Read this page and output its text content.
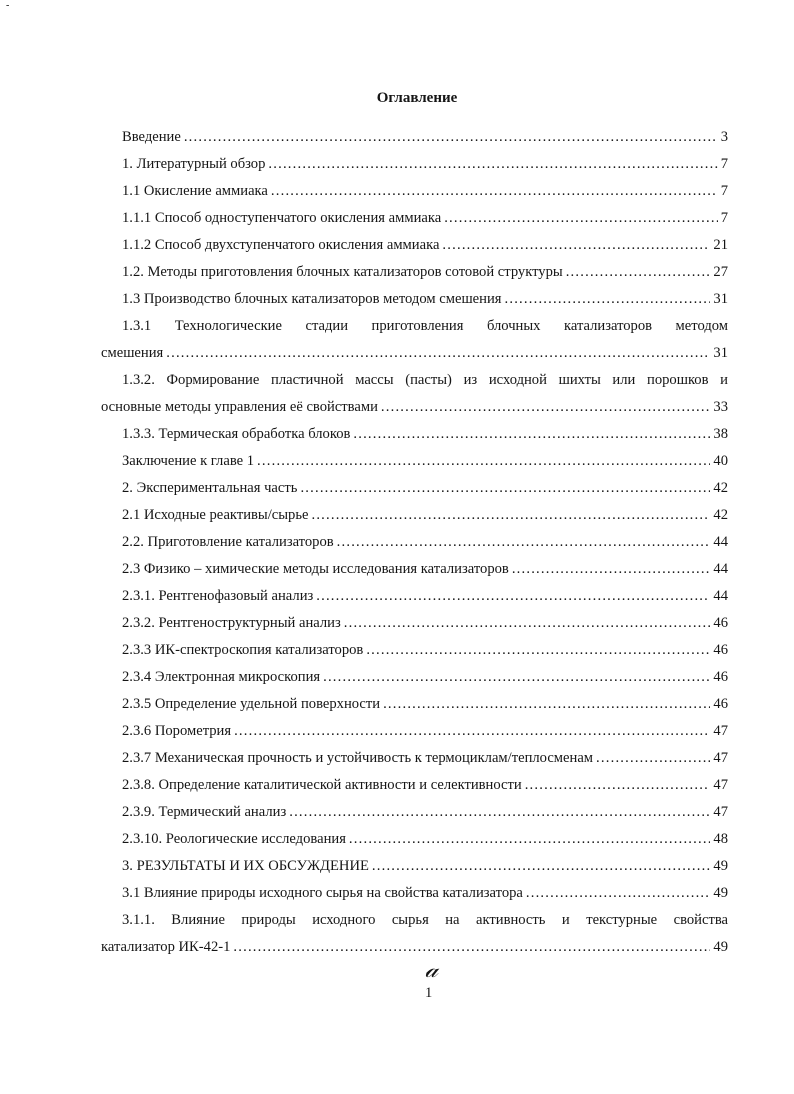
-
Оглавление
Введение .....	3
1. Литературный обзор .....	7
1.1 Окисление аммиака .....	7
1.1.1 Способ одноступенчатого окисления аммиака .....	7
1.1.2 Способ двухступенчатого окисления аммиака .....	21
1.2. Методы приготовления блочных катализаторов сотовой структуры .....	27
1.3 Производство блочных катализаторов методом смешения .....	31
1.3.1 Технологические стадии приготовления блочных катализаторов методом
смешения .....	31
1.3.2. Формирование пластичной массы (пасты) из исходной шихты или порошков и
основные методы управления её свойствами .....	33
1.3.3. Термическая обработка блоков .....	38
Заключение к главе 1 .....	40
2. Экспериментальная часть .....	42
2.1 Исходные реактивы/сырье .....	42
2.2. Приготовление катализаторов .....	44
2.3 Физико – химические методы исследования катализаторов .....	44
2.3.1. Рентгенофазовый анализ .....	44
2.3.2. Рентгеноструктурный анализ .....	46
2.3.3 ИК-спектроскопия катализаторов .....	46
2.3.4 Электронная микроскопия .....	46
2.3.5 Определение удельной поверхности .....	46
2.3.6 Порометрия .....	47
2.3.7 Механическая прочность и устойчивость к термоциклам/теплосменам .....	47
2.3.8. Определение каталитической активности и селективности .....	47
2.3.9. Термический анализ .....	47
2.3.10. Реологические исследования .....	48
3. РЕЗУЛЬТАТЫ И ИХ ОБСУЖДЕНИЕ .....	49
3.1 Влияние природы исходного сырья на свойства катализатора .....	49
3.1.1. Влияние природы исходного сырья на активность и текстурные свойства
катализатор ИК-42-1 .....	49
𝒶
1
